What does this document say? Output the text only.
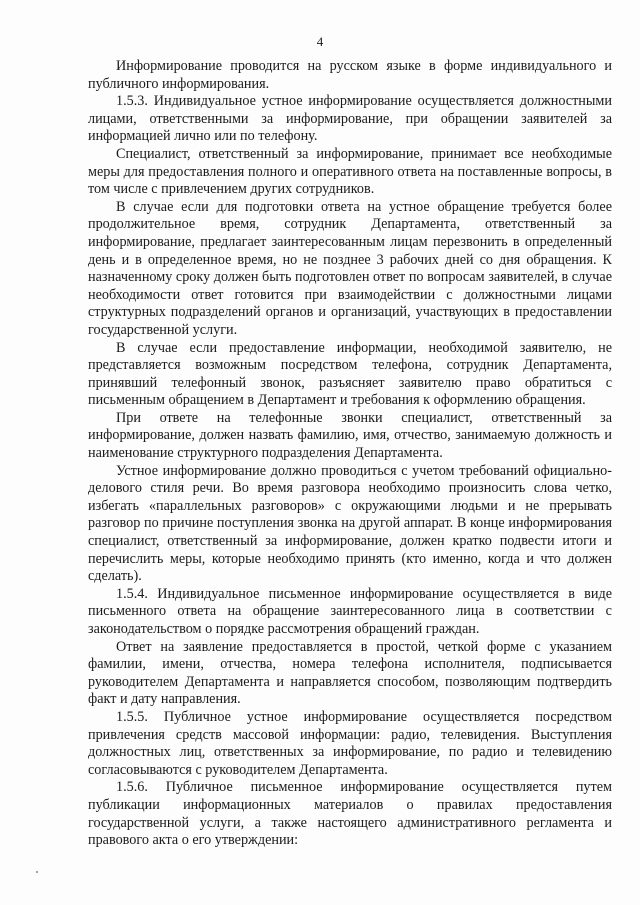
4

Информирование проводится на русском языке в форме индивидуального и публичного информирования.

1.5.3. Индивидуальное устное информирование осуществляется должностными лицами, ответственными за информирование, при обращении заявителей за информацией лично или по телефону.

Специалист, ответственный за информирование, принимает все необходимые меры для предоставления полного и оперативного ответа на поставленные вопросы, в том числе с привлечением других сотрудников.

В случае если для подготовки ответа на устное обращение требуется более продолжительное время, сотрудник Департамента, ответственный за информирование, предлагает заинтересованным лицам перезвонить в определенный день и в определенное время, но не позднее 3 рабочих дней со дня обращения. К назначенному сроку должен быть подготовлен ответ по вопросам заявителей, в случае необходимости ответ готовится при взаимодействии с должностными лицами структурных подразделений органов и организаций, участвующих в предоставлении государственной услуги.

В случае если предоставление информации, необходимой заявителю, не представляется возможным посредством телефона, сотрудник Департамента, принявший телефонный звонок, разъясняет заявителю право обратиться с письменным обращением в Департамент и требования к оформлению обращения.

При ответе на телефонные звонки специалист, ответственный за информирование, должен назвать фамилию, имя, отчество, занимаемую должность и наименование структурного подразделения Департамента.

Устное информирование должно проводиться с учетом требований официально-делового стиля речи. Во время разговора необходимо произносить слова четко, избегать «параллельных разговоров» с окружающими людьми и не прерывать разговор по причине поступления звонка на другой аппарат. В конце информирования специалист, ответственный за информирование, должен кратко подвести итоги и перечислить меры, которые необходимо принять (кто именно, когда и что должен сделать).

1.5.4. Индивидуальное письменное информирование осуществляется в виде письменного ответа на обращение заинтересованного лица в соответствии с законодательством о порядке рассмотрения обращений граждан.

Ответ на заявление предоставляется в простой, четкой форме с указанием фамилии, имени, отчества, номера телефона исполнителя, подписывается руководителем Департамента и направляется способом, позволяющим подтвердить факт и дату направления.

1.5.5. Публичное устное информирование осуществляется посредством привлечения средств массовой информации: радио, телевидения. Выступления должностных лиц, ответственных за информирование, по радио и телевидению согласовываются с руководителем Департамента.

1.5.6. Публичное письменное информирование осуществляется путем публикации информационных материалов о правилах предоставления государственной услуги, а также настоящего административного регламента и правового акта о его утверждении:
